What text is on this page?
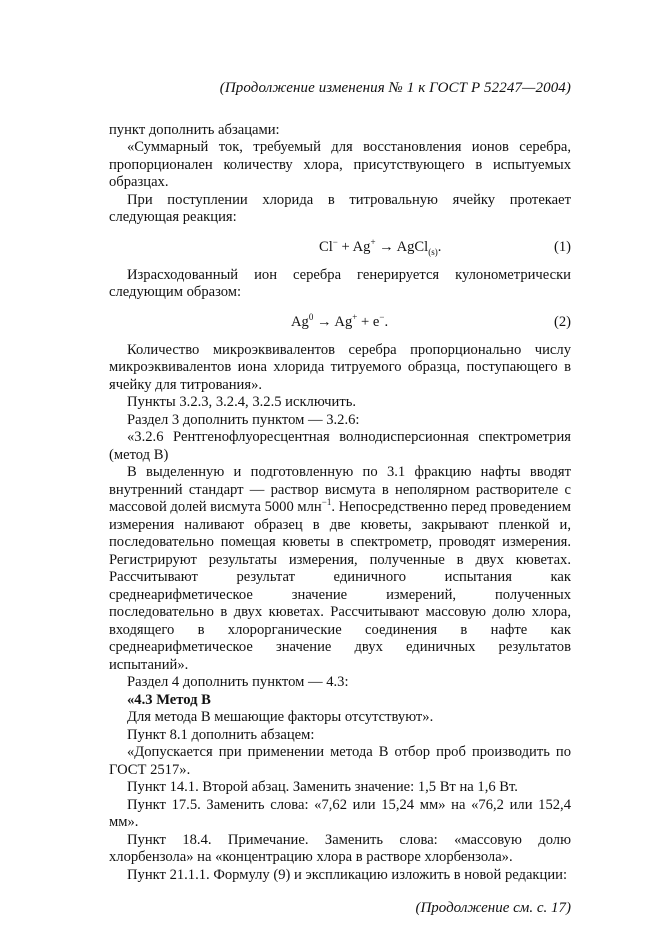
(Продолжение изменения № 1 к ГОСТ Р 52247—2004)

пункт дополнить абзацами:

«Суммарный ток, требуемый для восстановления ионов серебра, пропорционален количеству хлора, присутствующего в испытуемых образцах.

При поступлении хлорида в титровальную ячейку протекает следующая реакция:

Cl− + Ag+ → AgCl$_{(s)}$.	(1)

Израсходованный ион серебра генерируется кулонометрически следующим образом:

$Ag^0 \to Ag^+ + e^-$.	(2)

Количество микроэквивалентов серебра пропорционально числу микроэквивалентов иона хлорида титруемого образца, поступающего в ячейку для титрования».

Пункты 3.2.3, 3.2.4, 3.2.5 исключить.

Раздел 3 дополнить пунктом — 3.2.6:

«3.2.6 Рентгенофлуоресцентная волнодисперсионная спектрометрия (метод В)

В выделенную и подготовленную по 3.1 фракцию нафты вводят внутренний стандарт — раствор висмута в неполярном растворителе с массовой долей висмута 5000 млн$^{-1}$. Непосредственно перед проведением измерения наливают образец в две кюветы, закрывают пленкой и, последовательно помещая кюветы в спектрометр, проводят измерения. Регистрируют результаты измерения, полученные в двух кюветах. Рассчитывают результат единичного испытания как среднеарифметическое значение измерений, полученных последовательно в двух кюветах. Рассчитывают массовую долю хлора, входящего в хлорорганические соединения в нафте как среднеарифметическое значение двух единичных результатов испытаний».

Раздел 4 дополнить пунктом — 4.3:

«4.3 Метод В

Для метода В мешающие факторы отсутствуют».

Пункт 8.1 дополнить абзацем:

«Допускается при применении метода В отбор проб производить по ГОСТ 2517».

Пункт 14.1. Второй абзац. Заменить значение: 1,5 Вт на 1,6 Вт.

Пункт 17.5. Заменить слова: «7,62 или 15,24 мм» на «76,2 или 152,4 мм».

Пункт 18.4. Примечание. Заменить слова: «массовую долю хлорбензола» на «концентрацию хлора в растворе хлорбензола».

Пункт 21.1.1. Формулу (9) и экспликацию изложить в новой редакции:

(Продолжение см. с. 17)
